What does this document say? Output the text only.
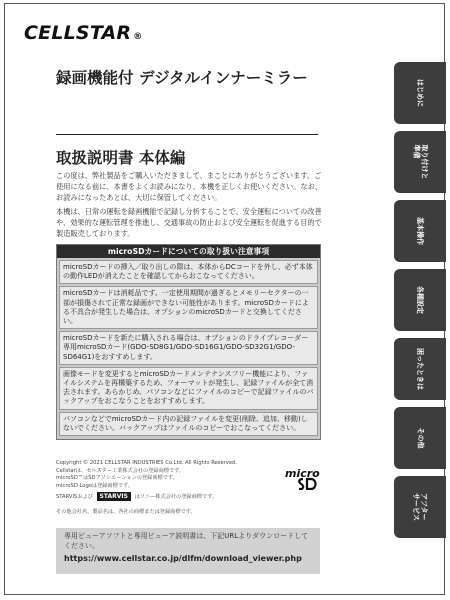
CELLSTAR ®
録画機能付 デジタルインナーミラー
取扱説明書 本体編

この度は、弊社製品をご購入いただきまして、まことにありがとうございます。ご使用になる前に、本書をよくお読みになり、本機を正しくお使いください。なお、お読みになったあとは、大切に保管してください。

本機は、日常の運転を録画機能で記録し分析することで、安全運転についての改善や、効果的な運転管理を推進し、交通事故の防止および安全運転を促進する目的で製造販売しております。

microSDカードについての取り扱い注意事項
microSDカードの挿入／取り出しの際は、本体からDCコードを外し、必ず本体の動作LEDが消えたことを確認してからおこなってください。
microSDカードは消耗品です。一定使用期間が過ぎるとメモリーセクターの一部が損傷されて正常な録画ができない可能性があります。microSDカードによる不具合が発生した場合は、オプションのmicroSDカードと交換してください。
microSDカードを新たに購入される場合は、オプションのドライブレコーダー専用microSDカード(GDO-SD8G1/GDO-SD16G1/GDO-SD32G1/GDO-SD64G1)をおすすめします。
画像モードを変更するとmicroSDカードメンテナンスフリー機能により、ファイルシステムを再構築するため、フォーマットが発生し、記録ファイルが全て消去されます。あらかじめ、パソコンなどにファイルのコピーで記録ファイルのバックアップをおこなうことをおすすめします。
パソコンなどでmicroSDカード内の記録ファイルを変更(削除、追加、移動)しないでください。バックアップはファイルのコピーでおこなってください。

Copyright © 2021 CELLSTAR INDUSTRIES Co.Ltd. All Rights Reserved.

Cellstarは、セルスター工業株式会社の登録商標です。

microSD™はSDアソシエーションの登録商標です。

microSD Logoは登録商標です。

STARVISおよび STARVIS はソニー株式会社の登録商標です。
その他会社名、製品名は、各社の商標または登録商標です。
micro
専用ビューアソフトと専用ビューア説明書は、下記URLよりダウンロードしてください。
https://www.cellstar.co.jp/dlfm/download_viewer.php
はじめに
取り付けと
準備
基本操作
各種設定
困ったときは
その他
アフター
サービス
